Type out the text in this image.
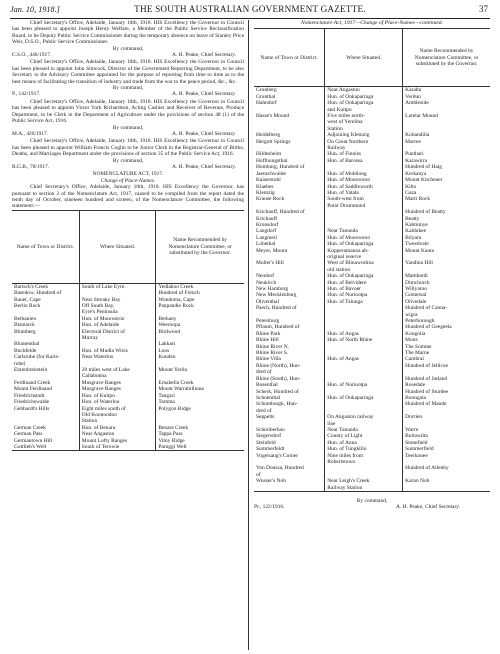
Jan. 10, 1918.]	THE SOUTH AUSTRALIAN GOVERNMENT GAZETTE.	37

Chief Secretary's Office, Adelaide, January 10th, 1918. HIS Excellency the Governor in Council has been pleased to appoint Joseph Henry Welfare, a Member of the Public Service Reclassification Board, to be Deputy Public Service Commissioner during the temporary absence on leave of Stanley Price Weir, D.S.O., Public Service Commissioner.

By command,
C.S.O., 446/1917.	A. H. Peake, Chief Secretary.

Chief Secretary's Office, Adelaide, January 10th, 1918. HIS Excellency the Governor in Council has been pleased to appoint John Simcock, Director of the Government Reporting Department, to be also Secretary to the Advisory Committee appointed for the purpose of reporting from time to time as to the best means of facilitating the transition of industry and trade from the war to the peace period, &c., &c.

By command,
P., 142/1917.	A. H. Peake, Chief Secretary.

Chief Secretary's Office, Adelaide, January 10th, 1918. HIS Excellency the Governor in Council has been pleased to appoint Victor York Richardson, Acting Cashier and Receiver of Revenue, Produce Department, to be Clerk in the Department of Agriculture under the provisions of section 48 (1) of the Public Service Act, 1916.

By command,
M.A., 420/1917.	A. H. Peake, Chief Secretary.

Chief Secretary's Office, Adelaide, January 10th, 1918. HIS Excellency the Governor in Council has been pleased to appoint William Francis Coglin to be Junior Clerk in the Registrar-General of Births, Deaths, and Marriages Department under the provisions of section 35 of the Public Service Act, 1916.

By command,
R.G.B., 78/1917.	A. H. Peake, Chief Secretary.
NOMENCLATURE ACT, 1917.
Change of Place-Names.

Chief Secretary's Office, Adelaide, January 10th, 1918. HIS Excellency the Governor, has pursuant to section 2 of the Nomenclature Act, 1917, caused to be compiled from the report dated the tenth day of October, nineteen hundred and sixteen, of the Nomenclature Committee, the following statement:—

Name of Town or District.	Where Situated.	Name Recommended by Nomenclature Committee, or substituted by the Governor.
Bartsch's Creek	South of Lake Eyre.	Yedlakoo Creek
Basedow, Hundred of		Hundred of French
Bauer, Cape	Near Streaky Bay	Wondoma, Cape
Berlin Rock	Off South Bay,	Panpandie Rock
	Eyre's Peninsula	
Bethanien	Hun. of Moorooroo	Bethany
Bismarck	Hun. of Adelaide	Weeroopa
Blumberg	Electoral District of	Birdwood
	Murray	
Blumenthal		Lakkari
Buchfelde	Hun. of Mudla Wirra	Loos
Carlsruhe (for Karls-	Near Waterloo	Kunden
ruhe)		
Ehrenbreitstein	20 miles west of Lake	Mount Yerila
	Callabonna	
Ferdinand Creek	Musgrave Ranges	Ernabella Creek
Mount Ferdinand	Musgrave Ranges	Mount Warrabillinna
Friedrichstadt	Hun. of Kuitpo	Tangari
Friedrichswalde	Hun. of Waterloo	Tarnma
Gebhardt's Hills	Eight miles south of	Polygon Ridge
	Old Koonoodoo	
	Station	
German Creek	Hun. of Benara	Benara Creek
German Pass	Near Angaston	Tappa Pass
Germantown Hill	Mount Lofty Ranges	Vimy Ridge
Gottlieb's Well	South of Terowie	Parnggi Well
Nomenclature Act, 1917—Change of Place-Names—continued.
Name of Town or District.	Where Situated.	Name Recommended by Nomenclature Committee, or substituted by the Governor.
Grunberg	Near Angaston	Karalta
Grunthal	Hun. of Onkaparinga	Verdun
Hahndorf	Hun. of Onkaparinga	Ambleside
	and Kuitpo	
Hasse's Mound	Five miles north-	Larelar Mound
	west of Yerelina	
	Station	
Heidelberg	Adjoining Klemzig	Kobandilla
Hergott Springs	On Great Northern	Marree
	Railway	
Hildesheim	Hun. of Finniss	Punthari
Hoffnungsthal	Hun. of Barossa	Karawirra
Homburg, Hundred of		Hundred of Haig
Jaenschwalde	Hun. of Mobilong	Kerkanya
Kaiserstuhl	Hun. of Moorooroo	Mount Kitchener
Klaebes	Hun. of Saddleworth	Kilto
Klemzig	Hun. of Yatala	Gaza
Krause Rock	South-west from	Marti Rock
	Point Drummond	
Krichauff, Hundred of		Hundred of Beatty
Krichauff		Beatty
Kronsdorf		Kabminye
Langdorf	Near Tanunda	Kaldukee
Langmeil	Hun. of Moorooroo	Bilyara
Lobethal	Hun. of Onkaparinga	Tweedvale
Meyer, Mount	Kopperamanna ab-	Mount Kauto
	original reserve	
Muller's Hill	West of Blinawortina	Yandina Hill
	old station	
Neudorf	Hun. of Onkaparinga	Mambardi
Neukirch	Hun. of Belvidere	Dimchurch
New Hamburg	Hun. of Bavoer	Willyaroo
New Mecklenburg	Hun. of Nuriootpa	Gomersal
Oliventhal	Hun. of Talunga	Olivedale
Paech, Hundred of		Hundred of Canna-
		wigra
Petersburg		Peterborough
Pflaum, Hundred of		Hundred of Geegeela
Rhine Park	Hun. of Angas	Kongolia
Rhine Hill	Hun. of North Rhine	Mons
Rhine River N.		The Somme
Rhine River S.		The Marne
Rhine Villa	Hun. of Angas	Cambrai
Rhine (North), Hun-		Hundred of Jellicoe
dred of		
Rhine (South), Hun-		Hundred of Jutland
Rosenthal	Hun. of Nuriootpa	Rosedale
Scherk, Hundred of		Hundred of Sturdee
Schoenthal	Hun. of Onkaparinga	Boongala
Schomburgk, Hun-		Hundred of Maude
dred of		
Seppelts	On Angaston railway	Dorrien
	line	
Schreiberhau	Near Tanunda	Warre
Siegersdorf	County of Light	Bultawilta
Steinfeld	Hun. of Anna	Stonefield
Summerfeldt	Hun. of Tungkillo	Summerfield
Vogelsang's Corner	Nine miles from	Teerkonee
	Robertstown	
Von Doussa, Hundred		Hundred of Allenby
of		
Wusser's Nob	Near Leigh's Creek	Karun Nob
	Railway Station	
By command,
Pr., 122/1916.	A. H. Peake, Chief Secretary.
